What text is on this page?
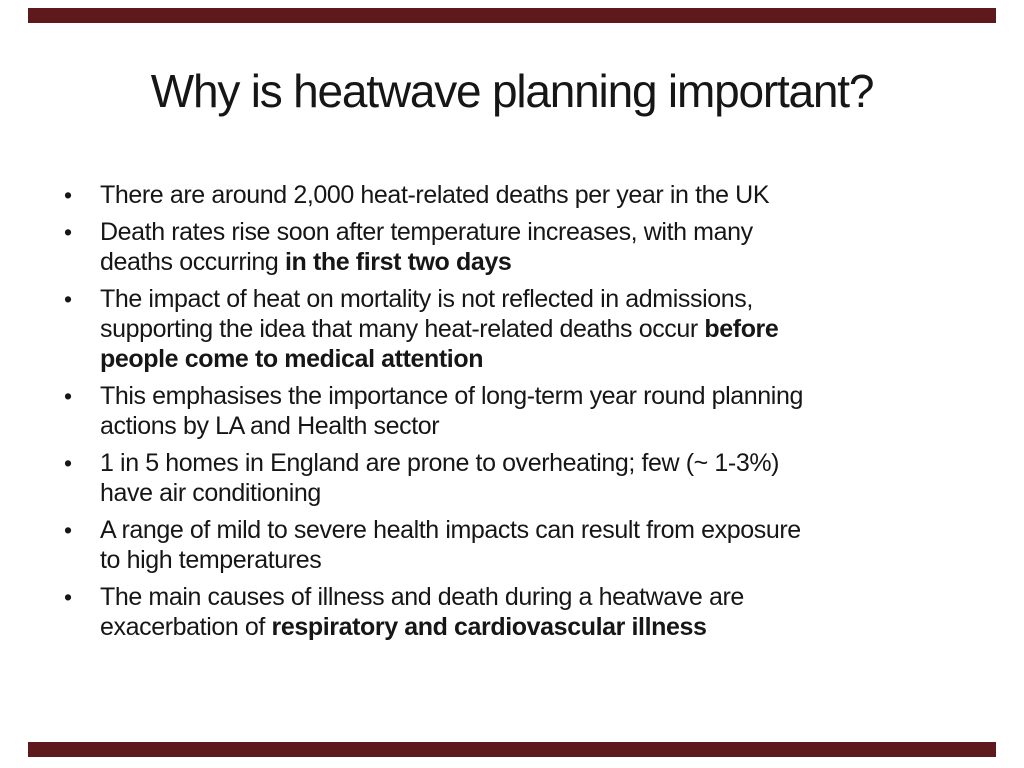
Why is heatwave planning important?
• There are around 2,000 heat-related deaths per year in the UK
• Death rates rise soon after temperature increases, with many
deaths occurring in the first two days
• The impact of heat on mortality is not reflected in admissions,
supporting the idea that many heat-related deaths occur before
people come to medical attention
• This emphasises the importance of long-term year round planning
actions by LA and Health sector
• 1 in 5 homes in England are prone to overheating; few (~ 1-3%)
have air conditioning
• A range of mild to severe health impacts can result from exposure
to high temperatures
• The main causes of illness and death during a heatwave are
exacerbation of respiratory and cardiovascular illness
